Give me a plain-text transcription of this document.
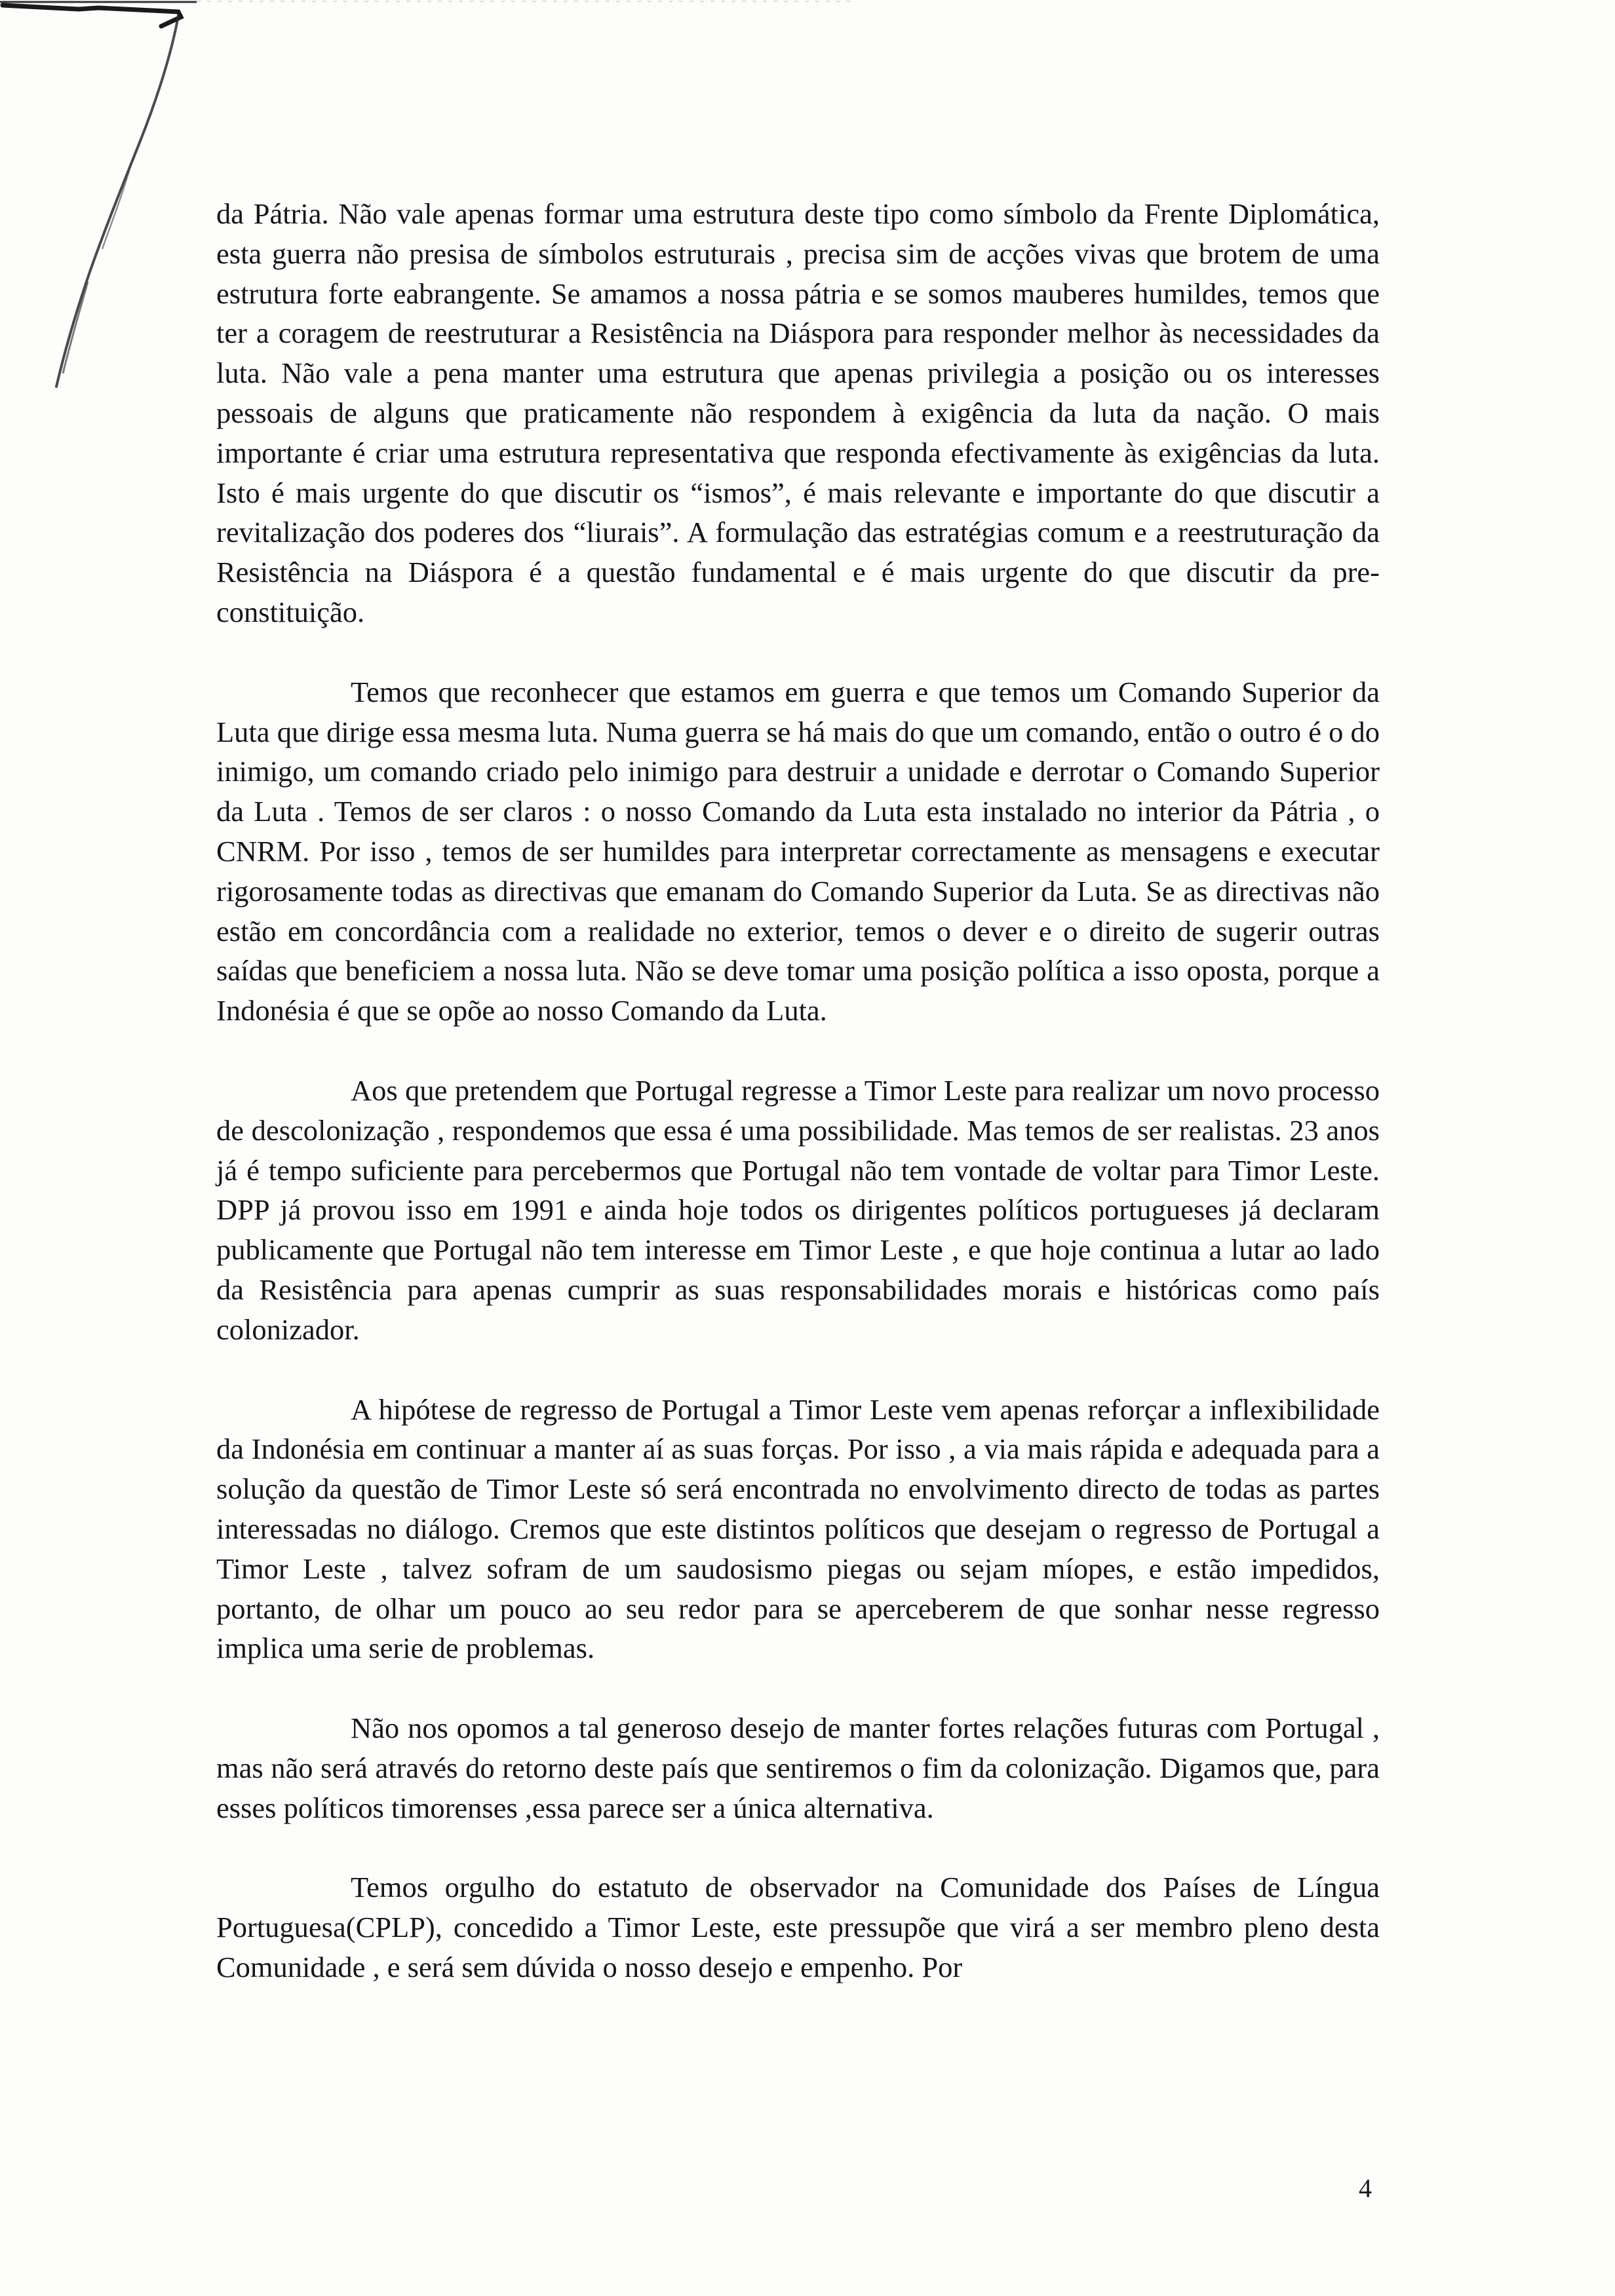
da Pátria. Não vale apenas formar uma estrutura deste tipo como símbolo da Frente Diplomática, esta guerra não presisa de símbolos estruturais , precisa sim de acções vivas que brotem de uma estrutura forte eabrangente. Se amamos a nossa pátria e se somos mauberes humildes, temos que ter a coragem de reestruturar a Resistência na Diáspora para responder melhor às necessidades da luta. Não vale a pena manter uma estrutura que apenas privilegia a posição ou os interesses pessoais de alguns que praticamente não respondem à exigência da luta da nação. O mais importante é criar uma estrutura representativa que responda efectivamente às exigências da luta. Isto é mais urgente do que discutir os “ismos”, é mais relevante e importante do que discutir a revitalização dos poderes dos “liurais”. A formulação das estratégias comum e a reestruturação da Resistência na Diáspora é a questão fundamental e é mais urgente do que discutir da pre-constituição.

Temos que reconhecer que estamos em guerra e que temos um Comando Superior da Luta que dirige essa mesma luta. Numa guerra se há mais do que um comando, então o outro é o do inimigo, um comando criado pelo inimigo para destruir a unidade e derrotar o Comando Superior da Luta . Temos de ser claros : o nosso Comando da Luta esta instalado no interior da Pátria , o CNRM. Por isso , temos de ser humildes para interpretar correctamente as mensagens e executar rigorosamente todas as directivas que emanam do Comando Superior da Luta. Se as directivas não estão em concordância com a realidade no exterior, temos o dever e o direito de sugerir outras saídas que beneficiem a nossa luta. Não se deve tomar uma posição política a isso oposta, porque a Indonésia é que se opõe ao nosso Comando da Luta.

Aos que pretendem que Portugal regresse a Timor Leste para realizar um novo processo de descolonização , respondemos que essa é uma possibilidade. Mas temos de ser realistas. 23 anos já é tempo suficiente para percebermos que Portugal não tem vontade de voltar para Timor Leste. DPP já provou isso em 1991 e ainda hoje todos os dirigentes políticos portugueses já declaram publicamente que Portugal não tem interesse em Timor Leste , e que hoje continua a lutar ao lado da Resistência para apenas cumprir as suas responsabilidades morais e históricas como país colonizador.

A hipótese de regresso de Portugal a Timor Leste vem apenas reforçar a inflexibilidade da Indonésia em continuar a manter aí as suas forças. Por isso , a via mais rápida e adequada para a solução da questão de Timor Leste só será encontrada no envolvimento directo de todas as partes interessadas no diálogo. Cremos que este distintos políticos que desejam o regresso de Portugal a Timor Leste , talvez sofram de um saudosismo piegas ou sejam míopes, e estão impedidos, portanto, de olhar um pouco ao seu redor para se aperceberem de que sonhar nesse regresso implica uma serie de problemas.

Não nos opomos a tal generoso desejo de manter fortes relações futuras com Portugal , mas não será através do retorno deste país que sentiremos o fim da colonização. Digamos que, para esses políticos timorenses ,essa parece ser a única alternativa.

Temos orgulho do estatuto de observador na Comunidade dos Países de Língua Portuguesa(CPLP), concedido a Timor Leste, este pressupõe que virá a ser membro pleno desta Comunidade , e será sem dúvida o nosso desejo e empenho. Por

4
